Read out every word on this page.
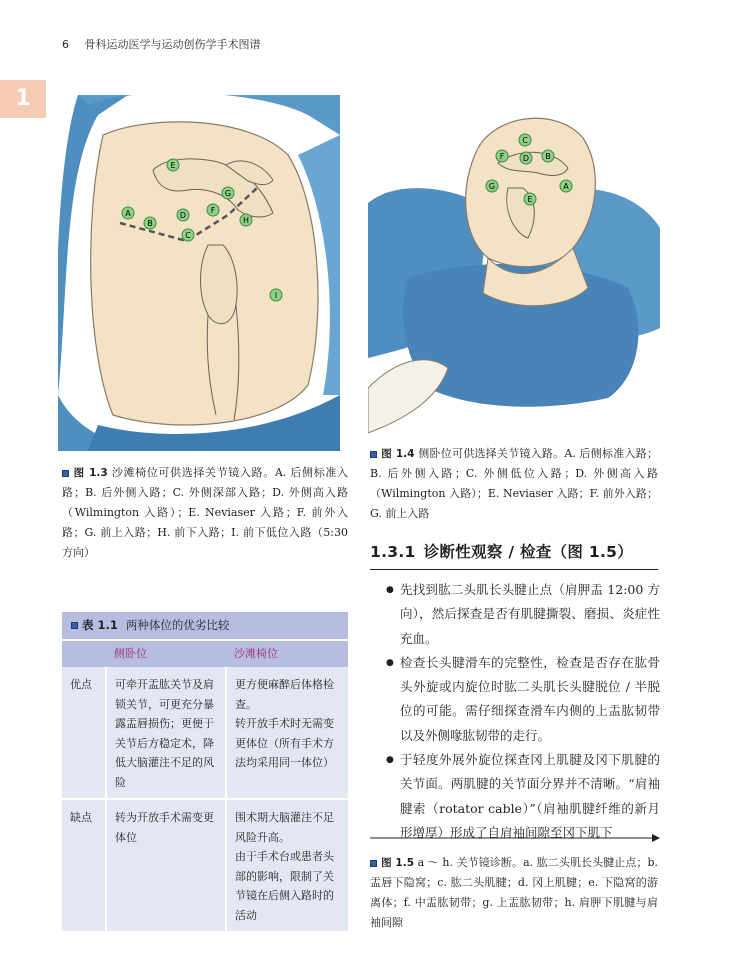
6 骨科运动医学与运动创伤学手术图谱
1
A
B
C
D
E
F
G
H
I
A
B
C
D
E
F
G
图 1.3 沙滩椅位可供选择关节镜入路。A. 后侧标准入路；B. 后外侧入路；C. 外侧深部入路；D. 外侧高入路（Wilmington 入路）；E. Neviaser 入路；F. 前外入路；G. 前上入路；H. 前下入路；I. 前下低位入路（5:30 方向）
图 1.4 侧卧位可供选择关节镜入路。A. 后侧标准入路；B. 后外侧入路；C. 外侧低位入路；D. 外侧高入路（Wilmington 入路）；E. Neviaser 入路；F. 前外入路；G. 前上入路
1.3.1 诊断性观察 / 检查（图 1.5）
● 先找到肱二头肌长头腱止点（肩胛盂 12:00 方向），然后探查是否有肌腱撕裂、磨损、炎症性充血。
● 检查长头腱滑车的完整性，检查是否存在肱骨头外旋或内旋位时肱二头肌长头腱脱位 / 半脱位的可能。需仔细探查滑车内侧的上盂肱韧带以及外侧喙肱韧带的走行。
● 于轻度外展外旋位探查冈上肌腱及冈下肌腱的关节面。两肌腱的关节面分界并不清晰。“肩袖腱索（rotator cable）”（肩袖肌腱纤维的新月形增厚）形成了自肩袖间隙至冈下肌下
图 1.5 a ～ h. 关节镜诊断。a. 肱二头肌长头腱止点；b. 盂唇下隐窝；c. 肱二头肌腱；d. 冈上肌腱；e. 下隐窝的游离体；f. 中盂肱韧带；g. 上盂肱韧带；h. 肩胛下肌腱与肩袖间隙
表 1.1 两种体位的优劣比较
	侧卧位	沙滩椅位
优点	可牵开盂肱关节及肩锁关节，可更充分暴露盂唇损伤；更便于关节后方稳定术，降低大脑灌注不足的风险	更方便麻醉后体格检查。
转开放手术时无需变更体位（所有手术方法均采用同一体位）
缺点	转为开放手术需变更体位	围术期大脑灌注不足风险升高。
由于手术台或患者头部的影响，限制了关节镜在后侧入路时的活动
